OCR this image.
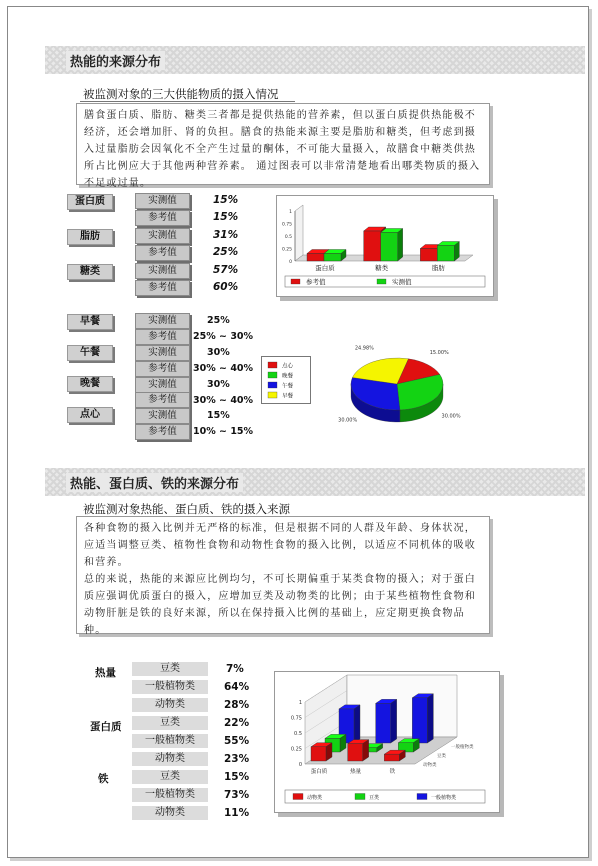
热能的来源分布
被监测对象的三大供能物质的摄入情况
膳食蛋白质、脂肪、糖类三者都是提供热能的营养素，但以蛋白质提供热能极不经济，还会增加肝、肾的负担。膳食的热能来源主要是脂肪和糖类，但考虑到摄入过量脂肪会因氧化不全产生过量的酮体，不可能大量摄入，故膳食中糖类供热所占比例应大于其他两种营养素。 通过图表可以非常清楚地看出哪类物质的摄入不足或过量。
蛋白质	实测值	15%
参考值	15%
脂肪	实测值	31%
参考值	25%
糖类	实测值	57%
参考值	60%
早餐	实测值	25%
参考值	25% ~ 30%
午餐	实测值	30%
参考值	30% ~ 40%
晚餐	实测值	30%
参考值	30% ~ 40%
点心	实测值	15%
参考值	10% ~ 15%
0
0.25
0.5
0.75
1
蛋白质	糖类	脂肪
参考值	实测值
点心
晚餐
午餐
早餐
15.00%
30.00%
30.00%
24.98%
热能、蛋白质、铁的来源分布
被监测对象热能、蛋白质、铁的摄入来源
各种食物的摄入比例并无严格的标准，但是根据不同的人群及年龄、身体状况，应适当调整豆类、植物性食物和动物性食物的摄入比例，以适应不同机体的吸收和营养。
总的来说，热能的来源应比例均匀，不可长期偏重于某类食物的摄入；对于蛋白质应强调优质蛋白的摄入，应增加豆类及动物类的比例；由于某些植物性食物和动物肝脏是铁的良好来源，所以在保持摄入比例的基础上，应定期更换食物品种。
热量	豆类	7%
一般植物类	64%
动物类	28%
蛋白质	豆类	22%
一般植物类	55%
动物类	23%
铁	豆类	15%
一般植物类	73%
动物类	11%
0
0.25
0.5
0.75
1
一般植物类
豆类
动物类
蛋白质	热量	铁
动物类	豆类	一般植物类
